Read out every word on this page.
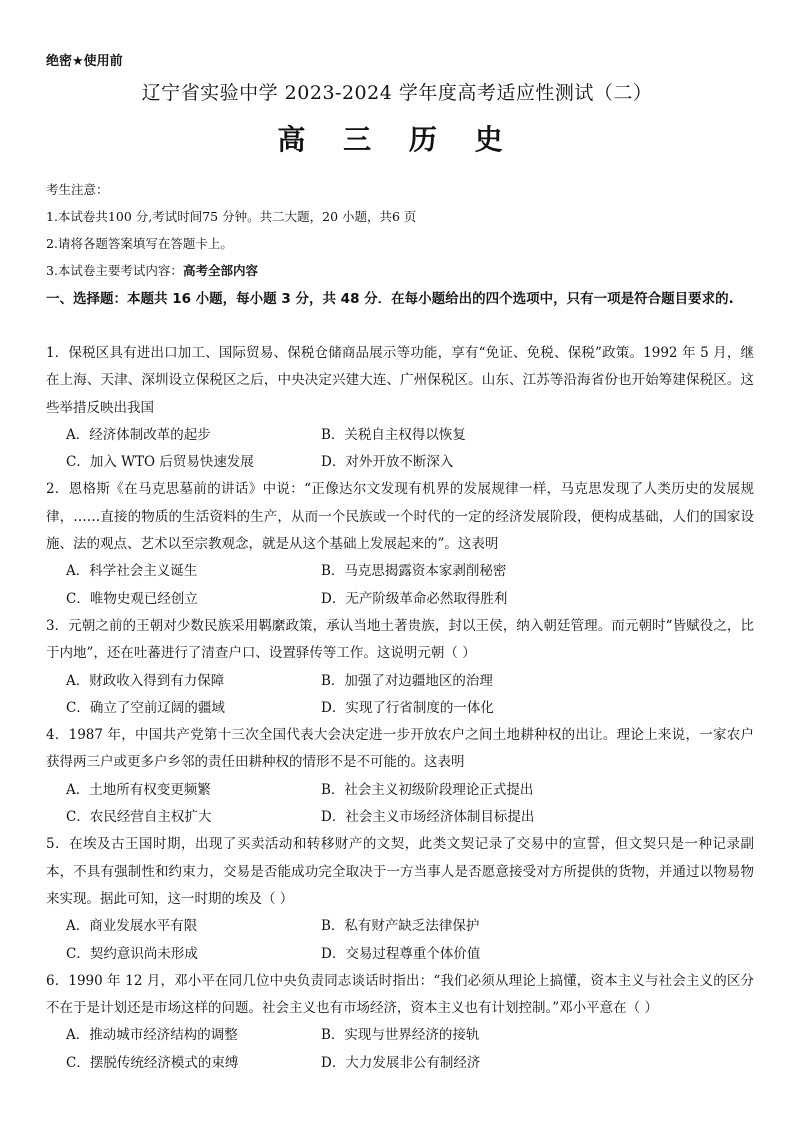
绝密★使用前
辽宁省实验中学 2023-2024 学年度高考适应性测试（二）
高 三 历 史
考生注意：
1.本试卷共100 分,考试时间75 分钟。共二大题，20 小题，共6 页
2.请将各题答案填写在答题卡上。
3.本试卷主要考试内容：高考全部内容
一、选择题：本题共 16 小题，每小题 3 分，共 48 分．在每小题给出的四个选项中，只有一项是符合题目要求的.
1．保税区具有进出口加工、国际贸易、保税仓储商品展示等功能，享有“免证、免税、保税”政策。1992 年 5 月，继在上海、天津、深圳设立保税区之后，中央决定兴建大连、广州保税区。山东、江苏等沿海省份也开始筹建保税区。这些举措反映出我国
A．经济体制改革的起步	B．关税自主权得以恢复
C．加入 WTO 后贸易快速发展	D．对外开放不断深入
2．恩格斯《在马克思墓前的讲话》中说：“正像达尔文发现有机界的发展规律一样，马克思发现了人类历史的发展规律，……直接的物质的生活资料的生产，从而一个民族或一个时代的一定的经济发展阶段，便构成基础，人们的国家设施、法的观点、艺术以至宗教观念，就是从这个基础上发展起来的”。这表明
A．科学社会主义诞生	B．马克思揭露资本家剥削秘密
C．唯物史观已经创立	D．无产阶级革命必然取得胜利
3．元朝之前的王朝对少数民族采用羁縻政策，承认当地土著贵族，封以王侯，纳入朝廷管理。而元朝时“皆赋役之，比于内地”，还在吐蕃进行了清查户口、设置驿传等工作。这说明元朝（ ）
A．财政收入得到有力保障	B．加强了对边疆地区的治理
C．确立了空前辽阔的疆域	D．实现了行省制度的一体化
4．1987 年，中国共产党第十三次全国代表大会决定进一步开放农户之间土地耕种权的出让。理论上来说，一家农户获得两三户或更多户乡邻的责任田耕种权的情形不是不可能的。这表明
A．土地所有权变更频繁	B．社会主义初级阶段理论正式提出
C．农民经营自主权扩大	D．社会主义市场经济体制目标提出
5．在埃及古王国时期，出现了买卖活动和转移财产的文契，此类文契记录了交易中的宣誓，但文契只是一种记录副本，不具有强制性和约束力，交易是否能成功完全取决于一方当事人是否愿意接受对方所提供的货物，并通过以物易物来实现。据此可知，这一时期的埃及（ ）
A．商业发展水平有限	B．私有财产缺乏法律保护
C．契约意识尚未形成	D．交易过程尊重个体价值
6．1990 年 12 月，邓小平在同几位中央负责同志谈话时指出：“我们必须从理论上搞懂，资本主义与社会主义的区分不在于是计划还是市场这样的问题。社会主义也有市场经济，资本主义也有计划控制。”邓小平意在（ ）
A．推动城市经济结构的调整	B．实现与世界经济的接轨
C．摆脱传统经济模式的束缚	D．大力发展非公有制经济
